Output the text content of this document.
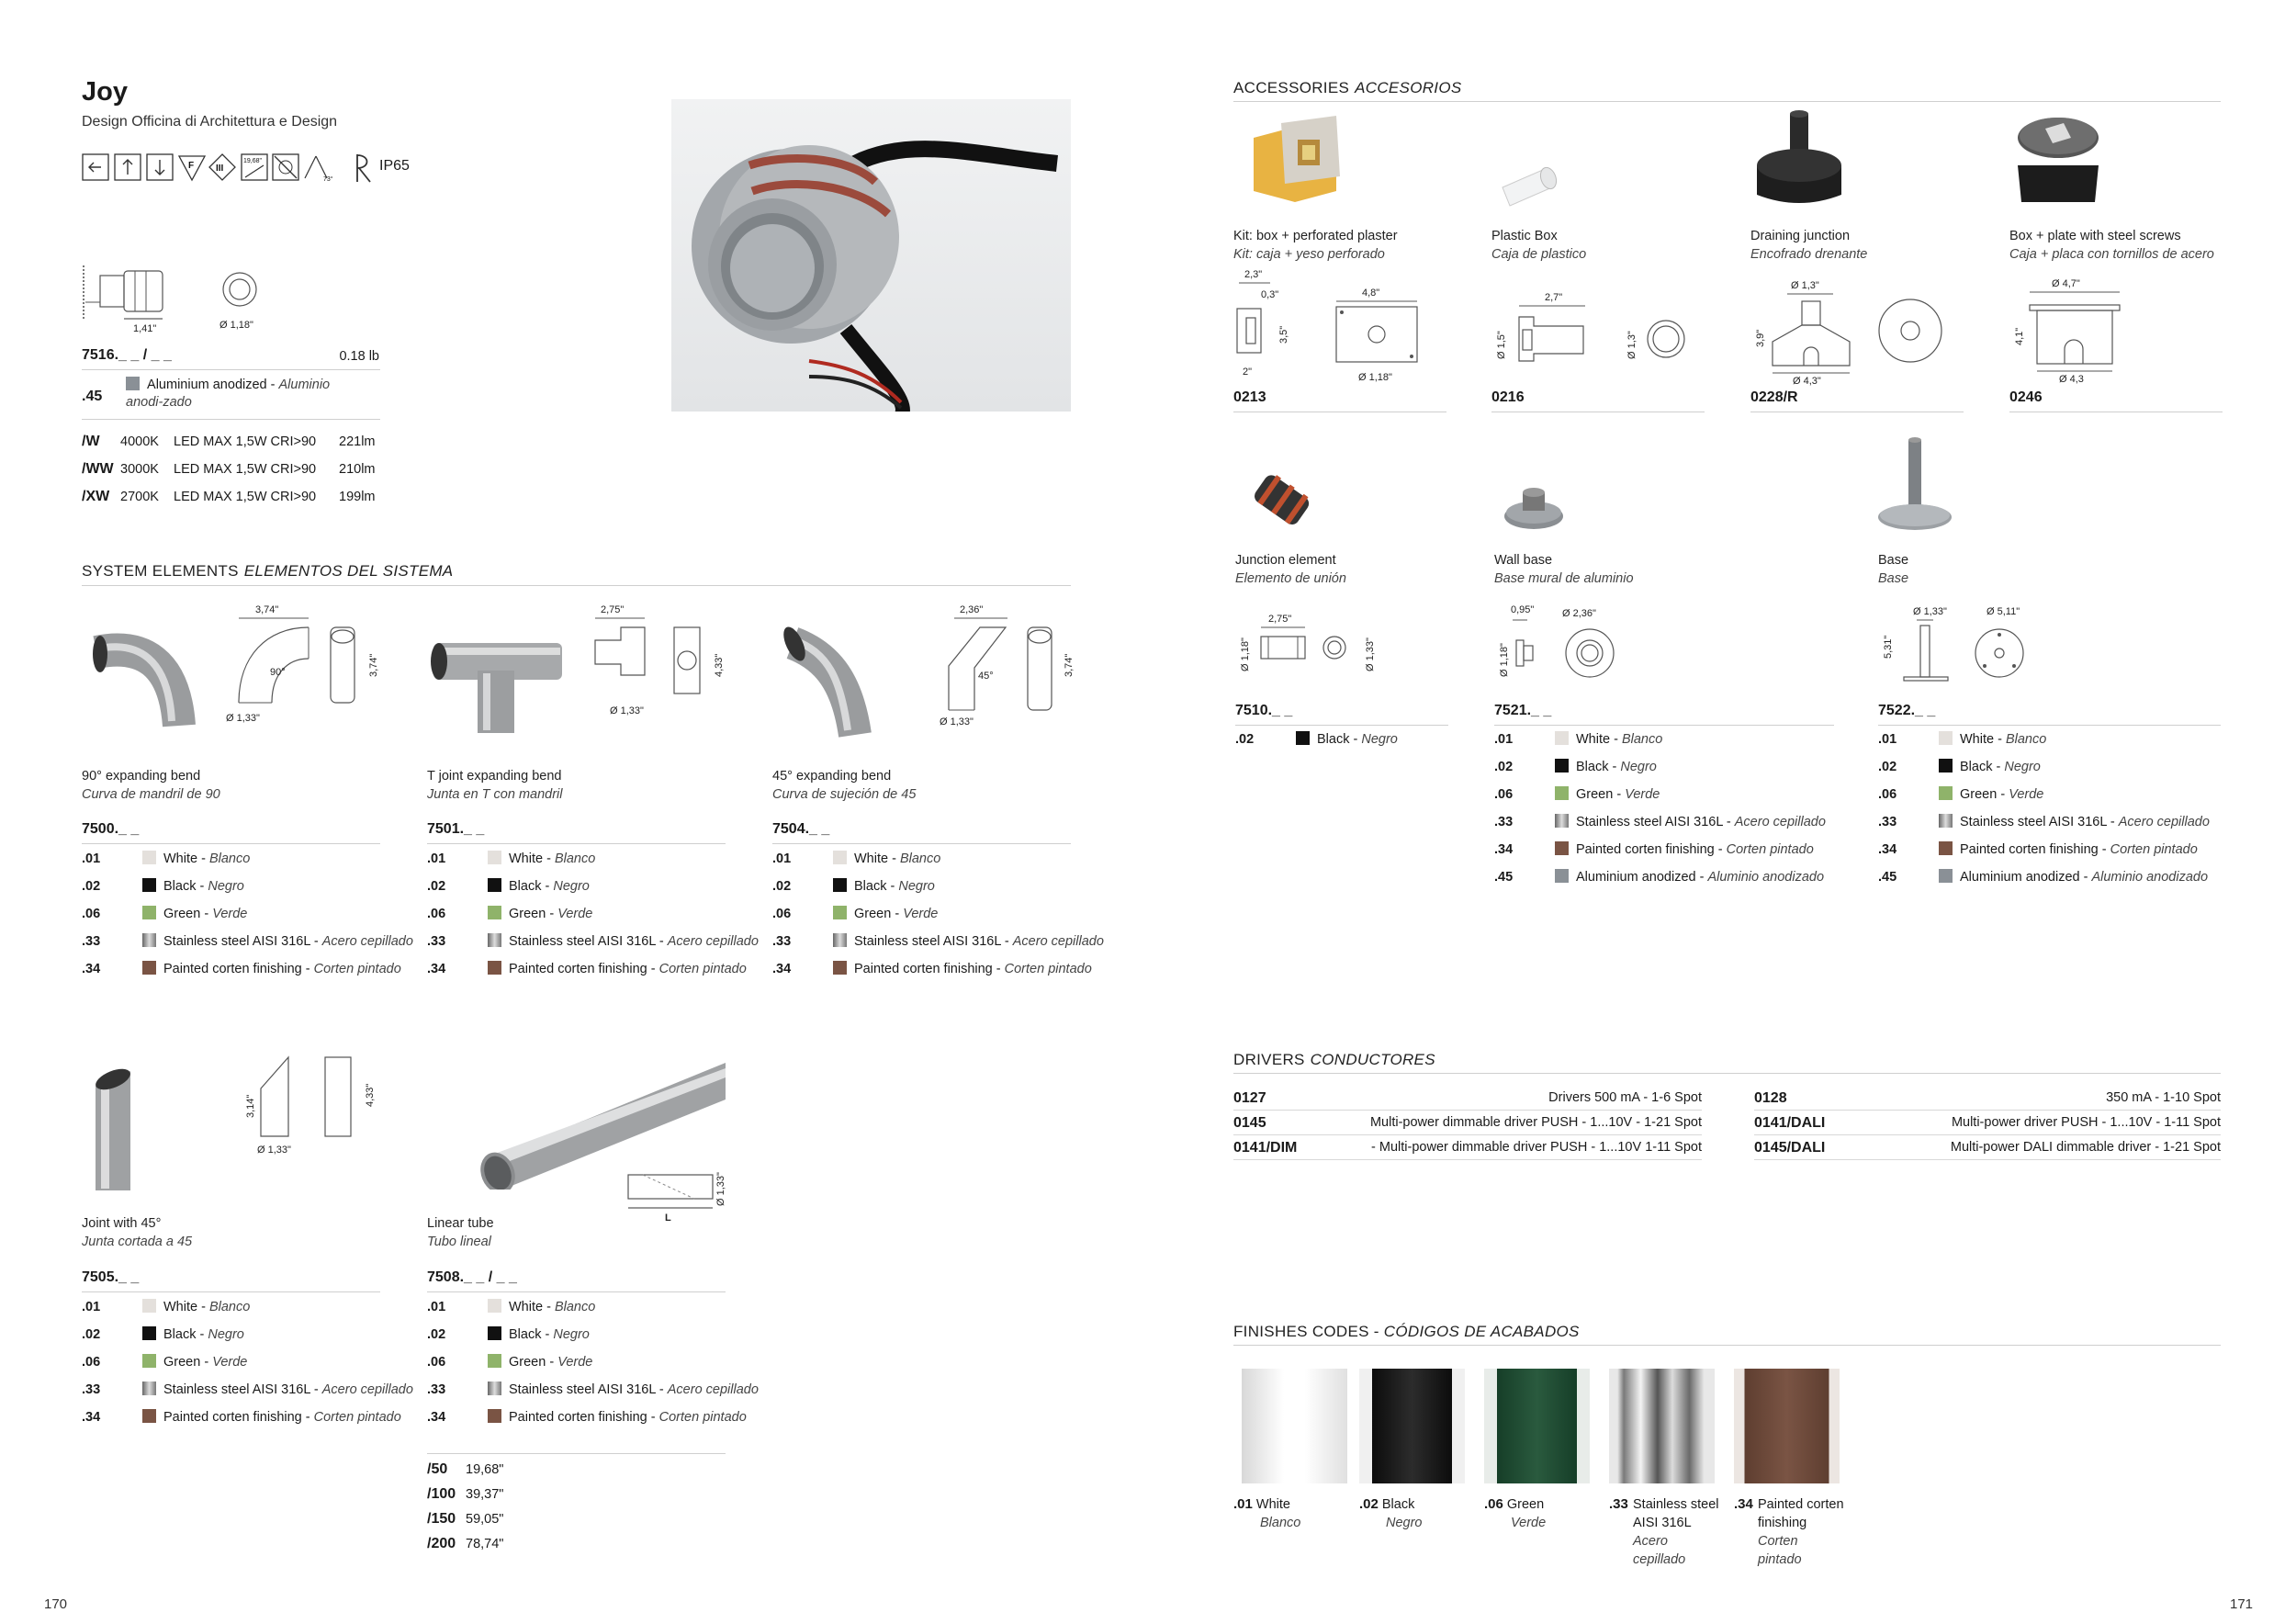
Joy
Design Officina di Architettura e Design
F III
19,68"
73°
IP65
1,41"	Ø 1,18"
7516._ _ / _ _	0.18 lb
.45 Aluminium anodized - Aluminio anodi-zado
/W 4000K LED MAX 1,5W CRI>90 221lm
/WW 3000K LED MAX 1,5W CRI>90 210lm
/XW 2700K LED MAX 1,5W CRI>90 199lm
SYSTEM ELEMENTS ELEMENTOS DEL SISTEMA
3,74"
90°
Ø 1,33"
3,74"
90° expanding bend
Curva de mandril de 90
7500._ _
.01	White - Blanco
.02	Black - Negro
.06	Green - Verde
.33	Stainless steel AISI 316L - Acero cepillado
.34	Painted corten finishing - Corten pintado
2,75"
Ø 1,33"
4,33"
T joint expanding bend
Junta en T con mandril
7501._ _
.01	White - Blanco
.02	Black - Negro
.06	Green - Verde
.33	Stainless steel AISI 316L - Acero cepillado
.34	Painted corten finishing - Corten pintado
2,36"
45°
Ø 1,33"
3,74"
45° expanding bend
Curva de sujeción de 45
7504._ _
.01	White - Blanco
.02	Black - Negro
.06	Green - Verde
.33	Stainless steel AISI 316L - Acero cepillado
.34	Painted corten finishing - Corten pintado
3,14"
Ø 1,33"
4,33"
Joint with 45°
Junta cortada a 45
7505._ _
.01	White - Blanco
.02	Black - Negro
.06	Green - Verde
.33	Stainless steel AISI 316L - Acero cepillado
.34	Painted corten finishing - Corten pintado
L
Ø 1,33"
Linear tube
Tubo lineal
7508._ _ / _ _
.01	White - Blanco
.02	Black - Negro
.06	Green - Verde
.33	Stainless steel AISI 316L - Acero cepillado
.34	Painted corten finishing - Corten pintado
/50 19,68"
/100 39,37"
/150 59,05"
/200 78,74"
170
ACCESSORIES ACCESORIOS
Kit: box + perforated plaster
Kit: caja + yeso perforado
2,3"
0,3"
3,5"
2"
4,8"
Ø 1,18"
0213
Plastic Box
Caja de plastico
2,7"
Ø 1,5"	Ø 1,3"
0216
Draining junction
Encofrado drenante
Ø 1,3"
3,9"
Ø 4,3"
0228/R
Box + plate with steel screws
Caja + placa con tornillos de acero
Ø 4,7"
4,1"
Ø 4,3
0246
Junction element
Elemento de unión
2,75"
Ø 1,18"	Ø 1,33"
7510._ _
.02	Black - Negro
Wall base
Base mural de aluminio
0,95"	Ø 2,36"
Ø 1,18"
7521._ _
.01	White - Blanco
.02	Black - Negro
.06	Green - Verde
.33	Stainless steel AISI 316L - Acero cepillado
.34	Painted corten finishing - Corten pintado
.45	Aluminium anodized - Aluminio anodizado
Base
Base
Ø 1,33"	Ø 5,11"
5,31"
7522._ _
.01	White - Blanco
.02	Black - Negro
.06	Green - Verde
.33	Stainless steel AISI 316L - Acero cepillado
.34	Painted corten finishing - Corten pintado
.45	Aluminium anodized - Aluminio anodizado
DRIVERS CONDUCTORES
0127	Drivers 500 mA - 1-6 Spot
0145	Multi-power dimmable driver PUSH - 1...10V - 1-21 Spot
0141/DIM	- Multi-power dimmable driver PUSH - 1...10V 1-11 Spot
0128	350 mA - 1-10 Spot
0141/DALI	Multi-power driver PUSH - 1...10V - 1-11 Spot
0145/DALI	Multi-power DALI dimmable driver - 1-21 Spot
FINISHES CODES - CÓDIGOS DE ACABADOS
.01 White
Blanco
.02 Black
Negro
.06 Green
Verde
.33 Stainless steel AISI 316L
Acero cepillado
.34 Painted corten finishing
Corten pintado
171
